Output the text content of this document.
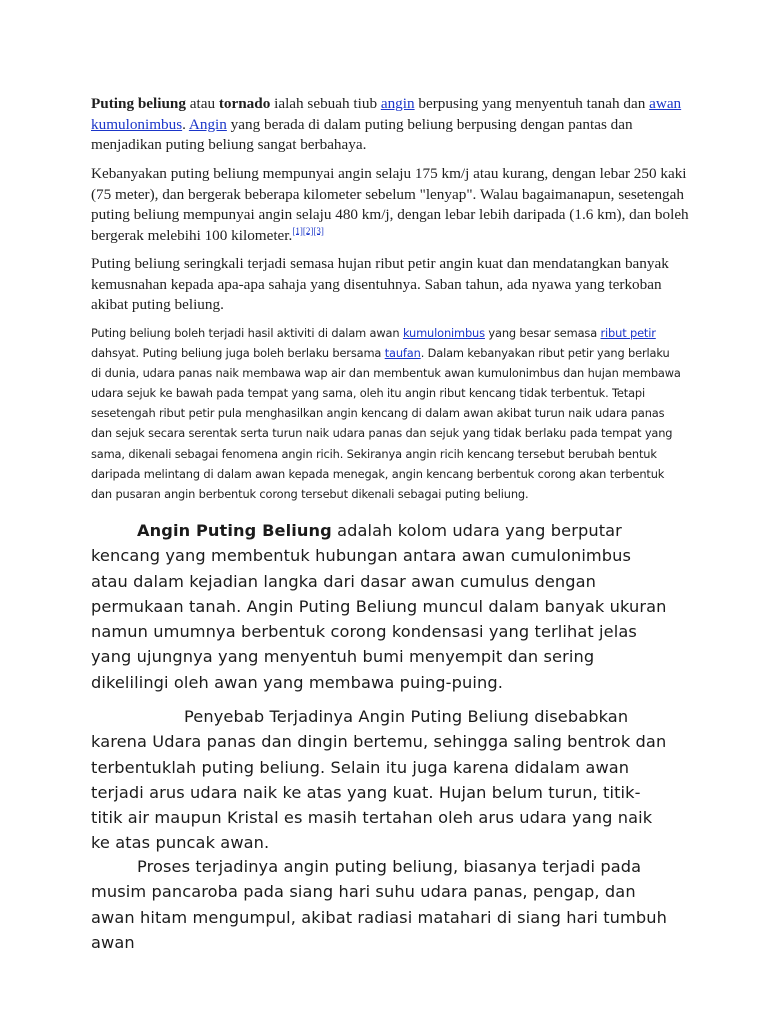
Puting beliung atau tornado ialah sebuah tiub angin berpusing yang menyentuh tanah dan awan kumulonimbus. Angin yang berada di dalam puting beliung berpusing dengan pantas dan menjadikan puting beliung sangat berbahaya.
Kebanyakan puting beliung mempunyai angin selaju 175 km/j atau kurang, dengan lebar 250 kaki (75 meter), dan bergerak beberapa kilometer sebelum "lenyap". Walau bagaimanapun, sesetengah puting beliung mempunyai angin selaju 480 km/j, dengan lebar lebih daripada (1.6 km), dan boleh bergerak melebihi 100 kilometer.[1][2][3]
Puting beliung seringkali terjadi semasa hujan ribut petir angin kuat dan mendatangkan banyak kemusnahan kepada apa-apa sahaja yang disentuhnya. Saban tahun, ada nyawa yang terkoban akibat puting beliung.
Puting beliung boleh terjadi hasil aktiviti di dalam awan kumulonimbus yang besar semasa ribut petir dahsyat. Puting beliung juga boleh berlaku bersama taufan. Dalam kebanyakan ribut petir yang berlaku di dunia, udara panas naik membawa wap air dan membentuk awan kumulonimbus dan hujan membawa udara sejuk ke bawah pada tempat yang sama, oleh itu angin ribut kencang tidak terbentuk. Tetapi sesetengah ribut petir pula menghasilkan angin kencang di dalam awan akibat turun naik udara panas dan sejuk secara serentak serta turun naik udara panas dan sejuk yang tidak berlaku pada tempat yang sama, dikenali sebagai fenomena angin ricih. Sekiranya angin ricih kencang tersebut berubah bentuk daripada melintang di dalam awan kepada menegak, angin kencang berbentuk corong akan terbentuk dan pusaran angin berbentuk corong tersebut dikenali sebagai puting beliung.
Angin Puting Beliung adalah kolom udara yang berputar kencang yang membentuk hubungan antara awan cumulonimbus atau dalam kejadian langka dari dasar awan cumulus dengan permukaan tanah. Angin Puting Beliung muncul dalam banyak ukuran namun umumnya berbentuk corong kondensasi yang terlihat jelas yang ujungnya yang menyentuh bumi menyempit dan sering dikelilingi oleh awan yang membawa puing-puing.
Penyebab Terjadinya Angin Puting Beliung disebabkan karena Udara panas dan dingin bertemu, sehingga saling bentrok dan terbentuklah puting beliung. Selain itu juga karena didalam awan terjadi arus udara naik ke atas yang kuat. Hujan belum turun, titik-titik air maupun Kristal es masih tertahan oleh arus udara yang naik ke atas puncak awan.
Proses terjadinya angin puting beliung, biasanya terjadi pada musim pancaroba pada siang hari suhu udara panas, pengap, dan awan hitam mengumpul, akibat radiasi matahari di siang hari tumbuh awan
